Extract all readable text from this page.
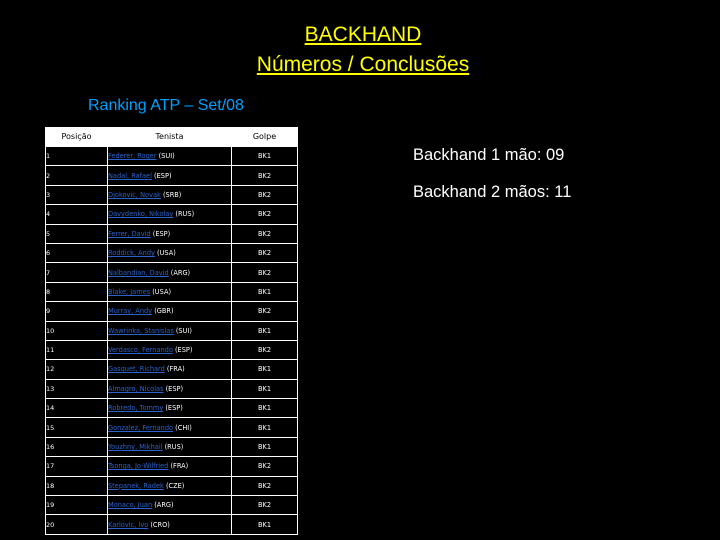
BACKHAND
Números / Conclusões
Ranking ATP – Set/08
Posição	Tenista	Golpe
1	Federer, Roger (SUI)	BK1
2	Nadal, Rafael (ESP)	BK2
3	Djokovic, Novak (SRB)	BK2
4	Davydenko, Nikolay (RUS)	BK2
5	Ferrer, David (ESP)	BK2
6	Roddick, Andy (USA)	BK2
7	Nalbandian, David (ARG)	BK2
8	Blake, James (USA)	BK1
9	Murray, Andy (GBR)	BK2
10	Wawrinka, Stanislas (SUI)	BK1
11	Verdasco, Fernando (ESP)	BK2
12	Gasquet, Richard (FRA)	BK1
13	Almagro, Nicolas (ESP)	BK1
14	Robredo, Tommy (ESP)	BK1
15	Gonzalez, Fernando (CHI)	BK1
16	Youzhny, Mikhail (RUS)	BK1
17	Tsonga, Jo-Wilfried (FRA)	BK2
18	Stepanek, Radek (CZE)	BK2
19	Monaco, Juan (ARG)	BK2
20	Karlovic, Ivo (CRO)	BK1
Backhand 1 mão: 09
Backhand 2 mãos: 11
